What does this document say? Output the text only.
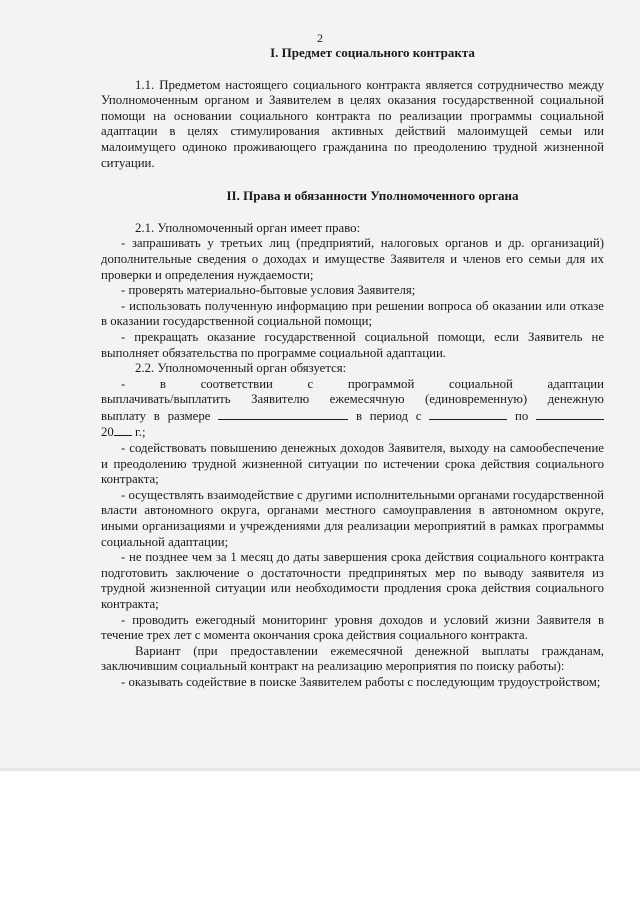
2
I. Предмет социального контракта

1.1. Предметом настоящего социального контракта является сотрудничество между Уполномоченным органом и Заявителем в целях оказания государственной социальной помощи на основании социального контракта по реализации программы социальной адаптации в целях стимулирования активных действий малоимущей семьи или малоимущего одиноко проживающего гражданина по преодолению трудной жизненной ситуации.

II. Права и обязанности Уполномоченного органа

2.1. Уполномоченный орган имеет право:

- запрашивать у третьих лиц (предприятий, налоговых органов и др. организаций) дополнительные сведения о доходах и имуществе Заявителя и членов его семьи для их проверки и определения нуждаемости;

- проверять материально-бытовые условия Заявителя;

- использовать полученную информацию при решении вопроса об оказании или отказе в оказании государственной социальной помощи;

- прекращать оказание государственной социальной помощи, если Заявитель не выполняет обязательства по программе социальной адаптации.

2.2. Уполномоченный орган обязуется:

- в соответствии с программой социальной адаптации

выплачивать/выплатить Заявителю ежемесячную (единовременную) денежную

выплату в размере	в период с	по

20 г.;

- содействовать повышению денежных доходов Заявителя, выходу на самообеспечение и преодолению трудной жизненной ситуации по истечении срока действия социального контракта;

- осуществлять взаимодействие с другими исполнительными органами государственной власти автономного округа, органами местного самоуправления в автономном округе, иными организациями и учреждениями для реализации мероприятий в рамках программы социальной адаптации;

- не позднее чем за 1 месяц до даты завершения срока действия социального контракта подготовить заключение о достаточности предпринятых мер по выводу заявителя из трудной жизненной ситуации или необходимости продления срока действия социального контракта;

- проводить ежегодный мониторинг уровня доходов и условий жизни Заявителя в течение трех лет с момента окончания срока действия социального контракта.

Вариант (при предоставлении ежемесячной денежной выплаты гражданам, заключившим социальный контракт на реализацию мероприятия по поиску работы):

- оказывать содействие в поиске Заявителем работы с последующим трудоустройством;
